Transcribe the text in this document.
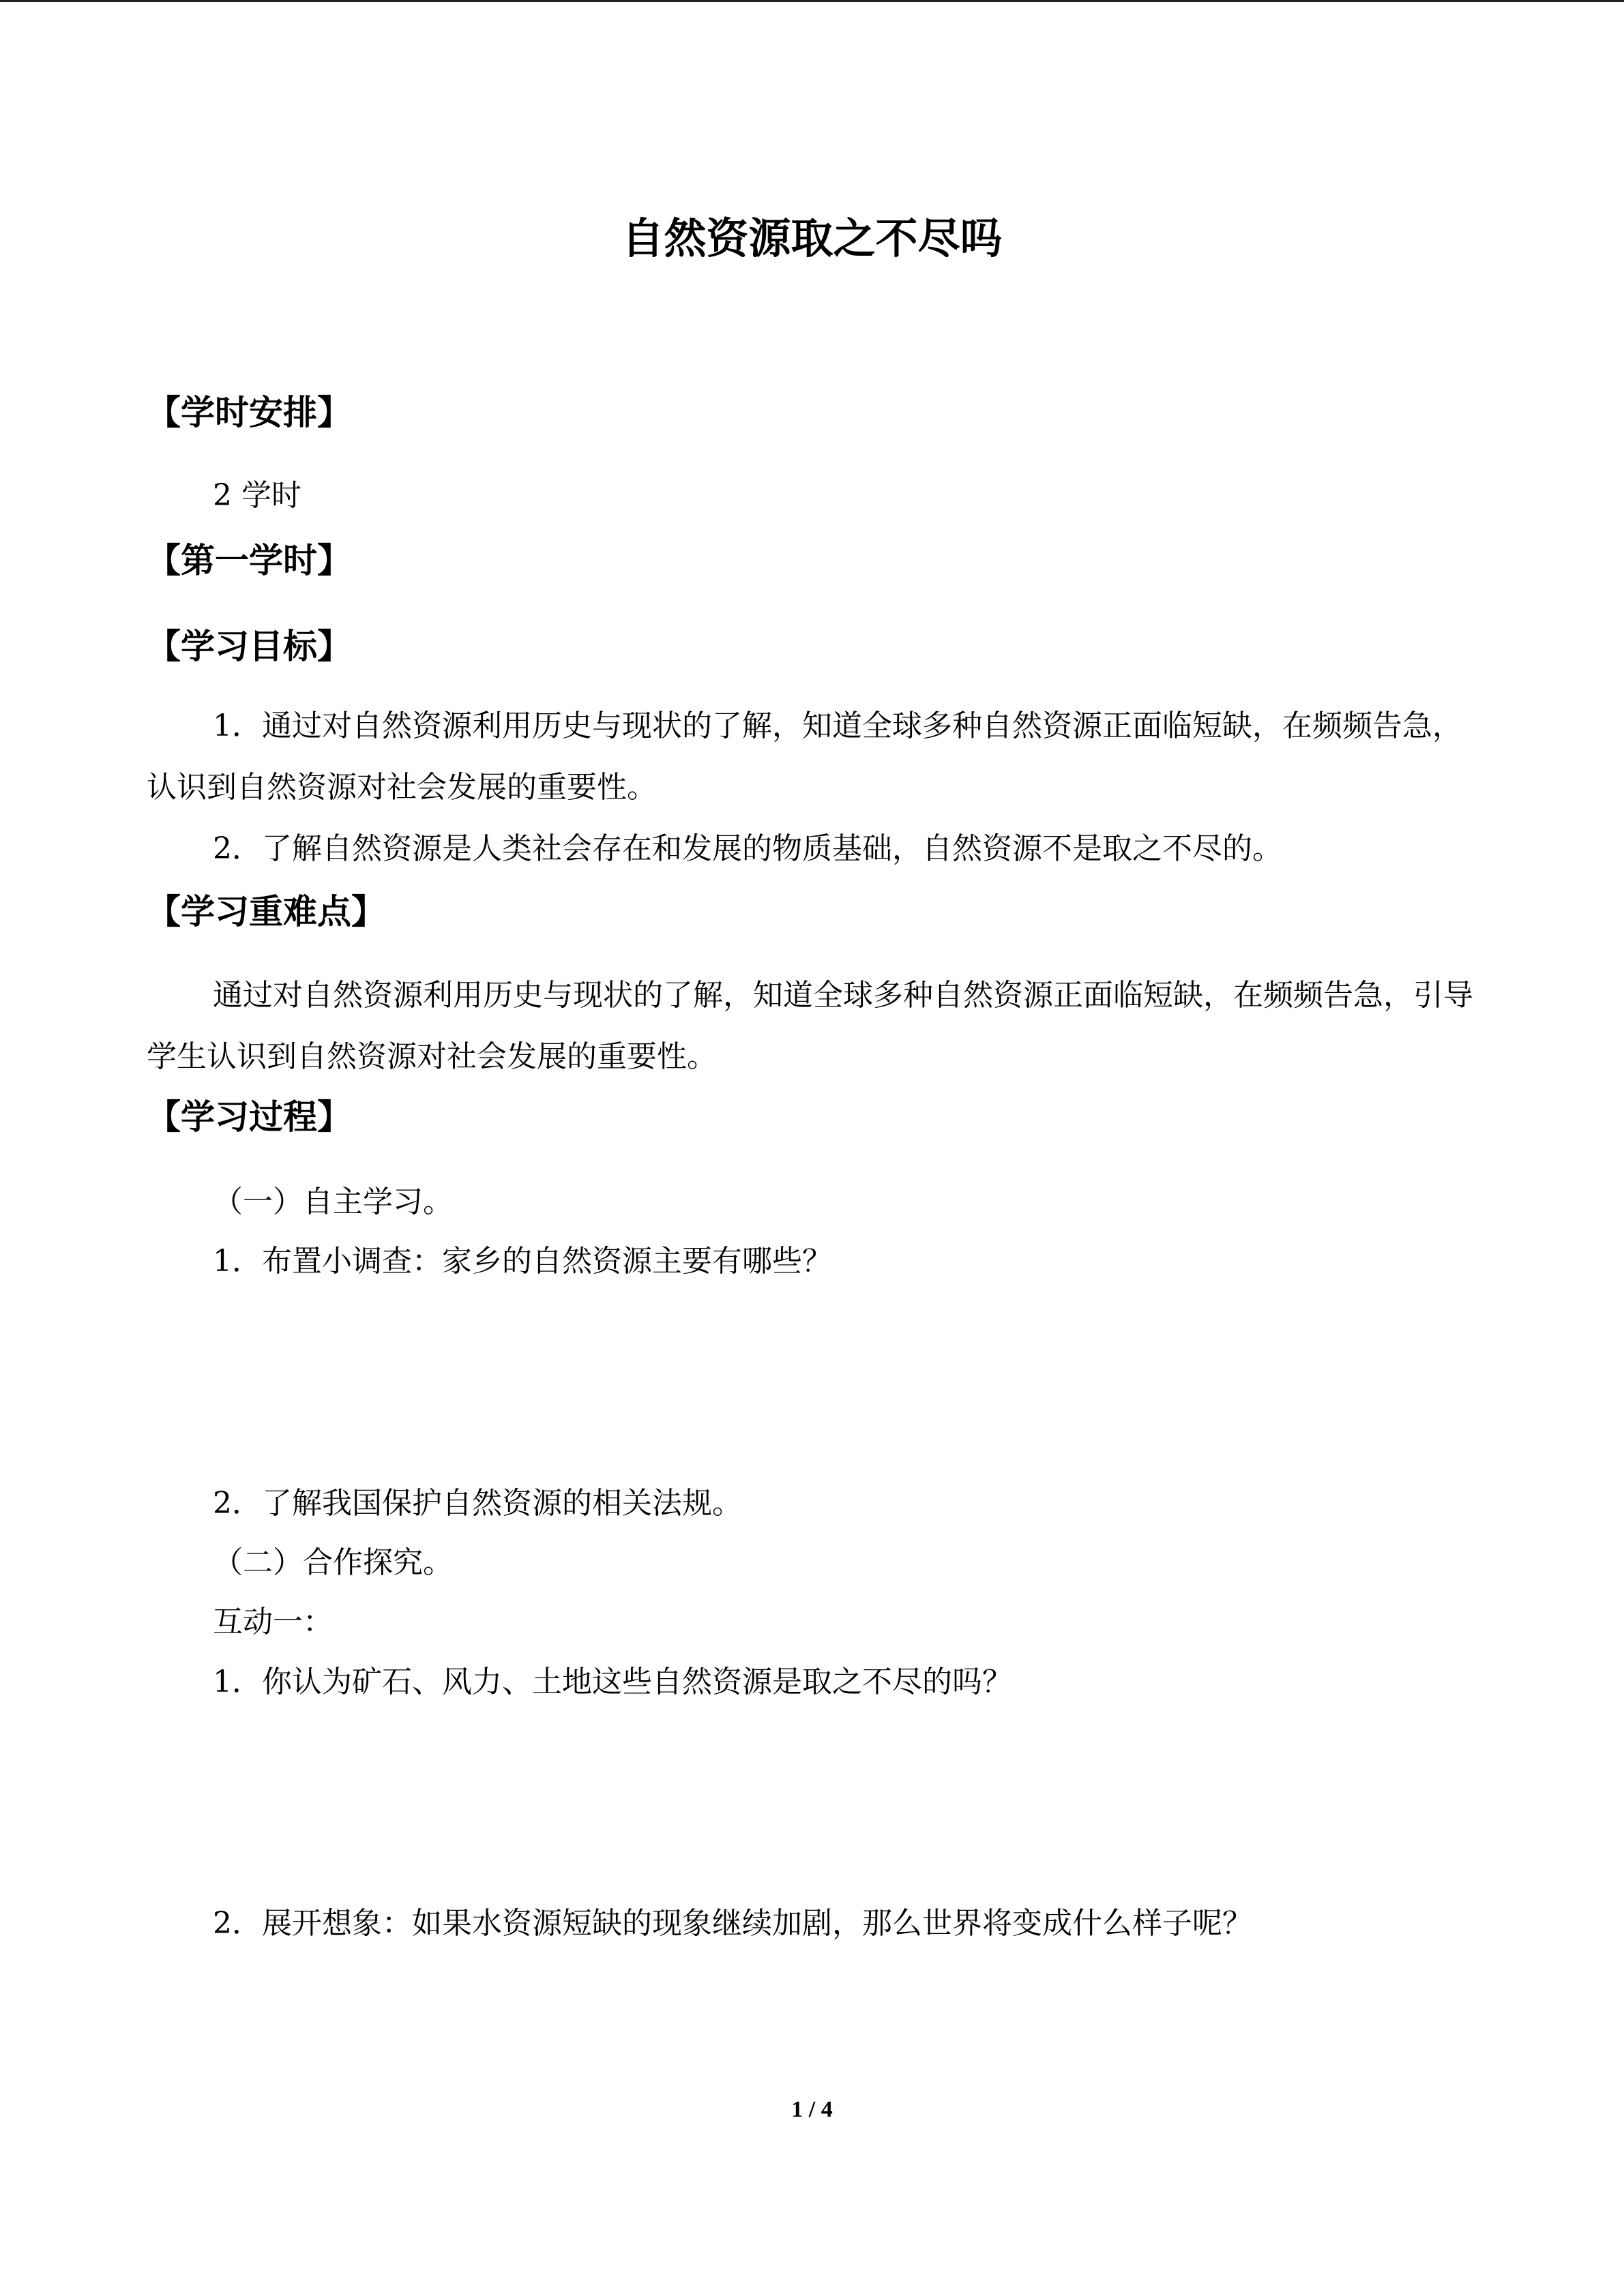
自然资源取之不尽吗
【学时安排】
2 学时
【第一学时】
【学习目标】
1．通过对自然资源利用历史与现状的了解，知道全球多种自然资源正面临短缺，在频频告急，认识到自然资源对社会发展的重要性。
2．了解自然资源是人类社会存在和发展的物质基础，自然资源不是取之不尽的。
【学习重难点】
通过对自然资源利用历史与现状的了解，知道全球多种自然资源正面临短缺，在频频告急，引导学生认识到自然资源对社会发展的重要性。
【学习过程】
（一）自主学习。
1．布置小调查：家乡的自然资源主要有哪些？
2．了解我国保护自然资源的相关法规。
（二）合作探究。
互动一：
1．你认为矿石、风力、土地这些自然资源是取之不尽的吗？
2．展开想象：如果水资源短缺的现象继续加剧，那么世界将变成什么样子呢？
1 / 4
